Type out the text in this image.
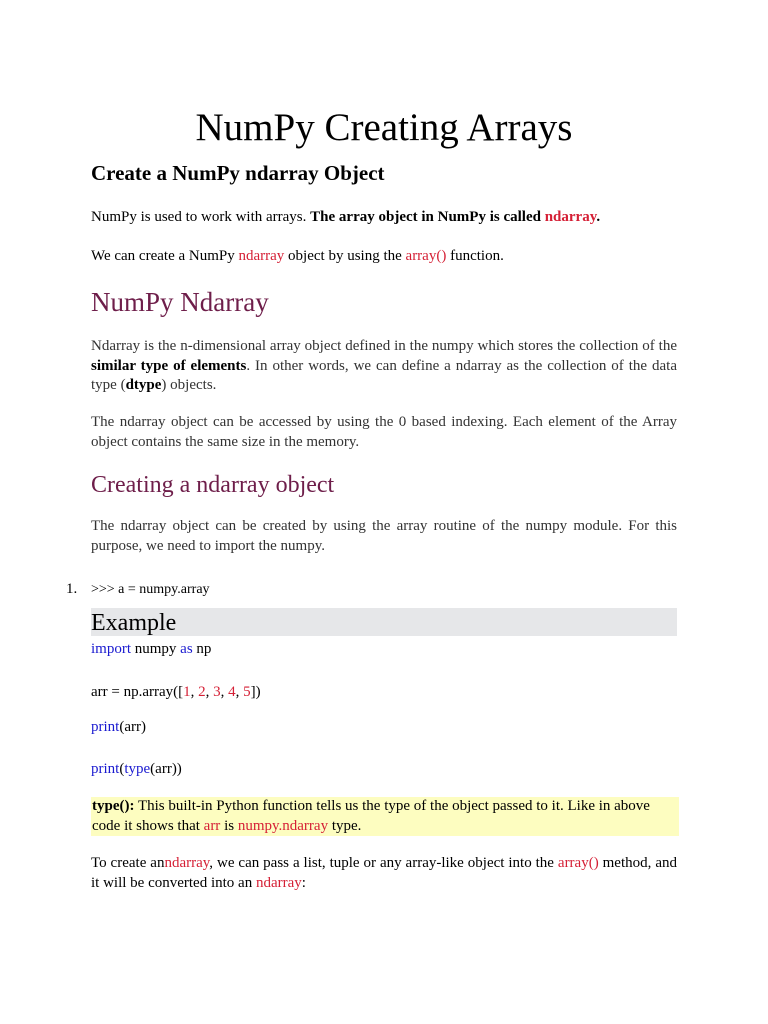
NumPy Creating Arrays
Create a NumPy ndarray Object
NumPy is used to work with arrays. The array object in NumPy is called ndarray.
We can create a NumPy ndarray object by using the array() function.
NumPy Ndarray
Ndarray is the n-dimensional array object defined in the numpy which stores the collection of the similar type of elements. In other words, we can define a ndarray as the collection of the data type (dtype) objects.
The ndarray object can be accessed by using the 0 based indexing. Each element of the Array object contains the same size in the memory.
Creating a ndarray object
The ndarray object can be created by using the array routine of the numpy module. For this purpose, we need to import the numpy.
1. >>> a = numpy.array
Example
import numpy as np
arr = np.array([1, 2, 3, 4, 5])
print(arr)
print(type(arr))
type(): This built-in Python function tells us the type of the object passed to it. Like in above code it shows that arr is numpy.ndarray type.
To create anndarray, we can pass a list, tuple or any array-like object into the array() method, and it will be converted into an ndarray:
